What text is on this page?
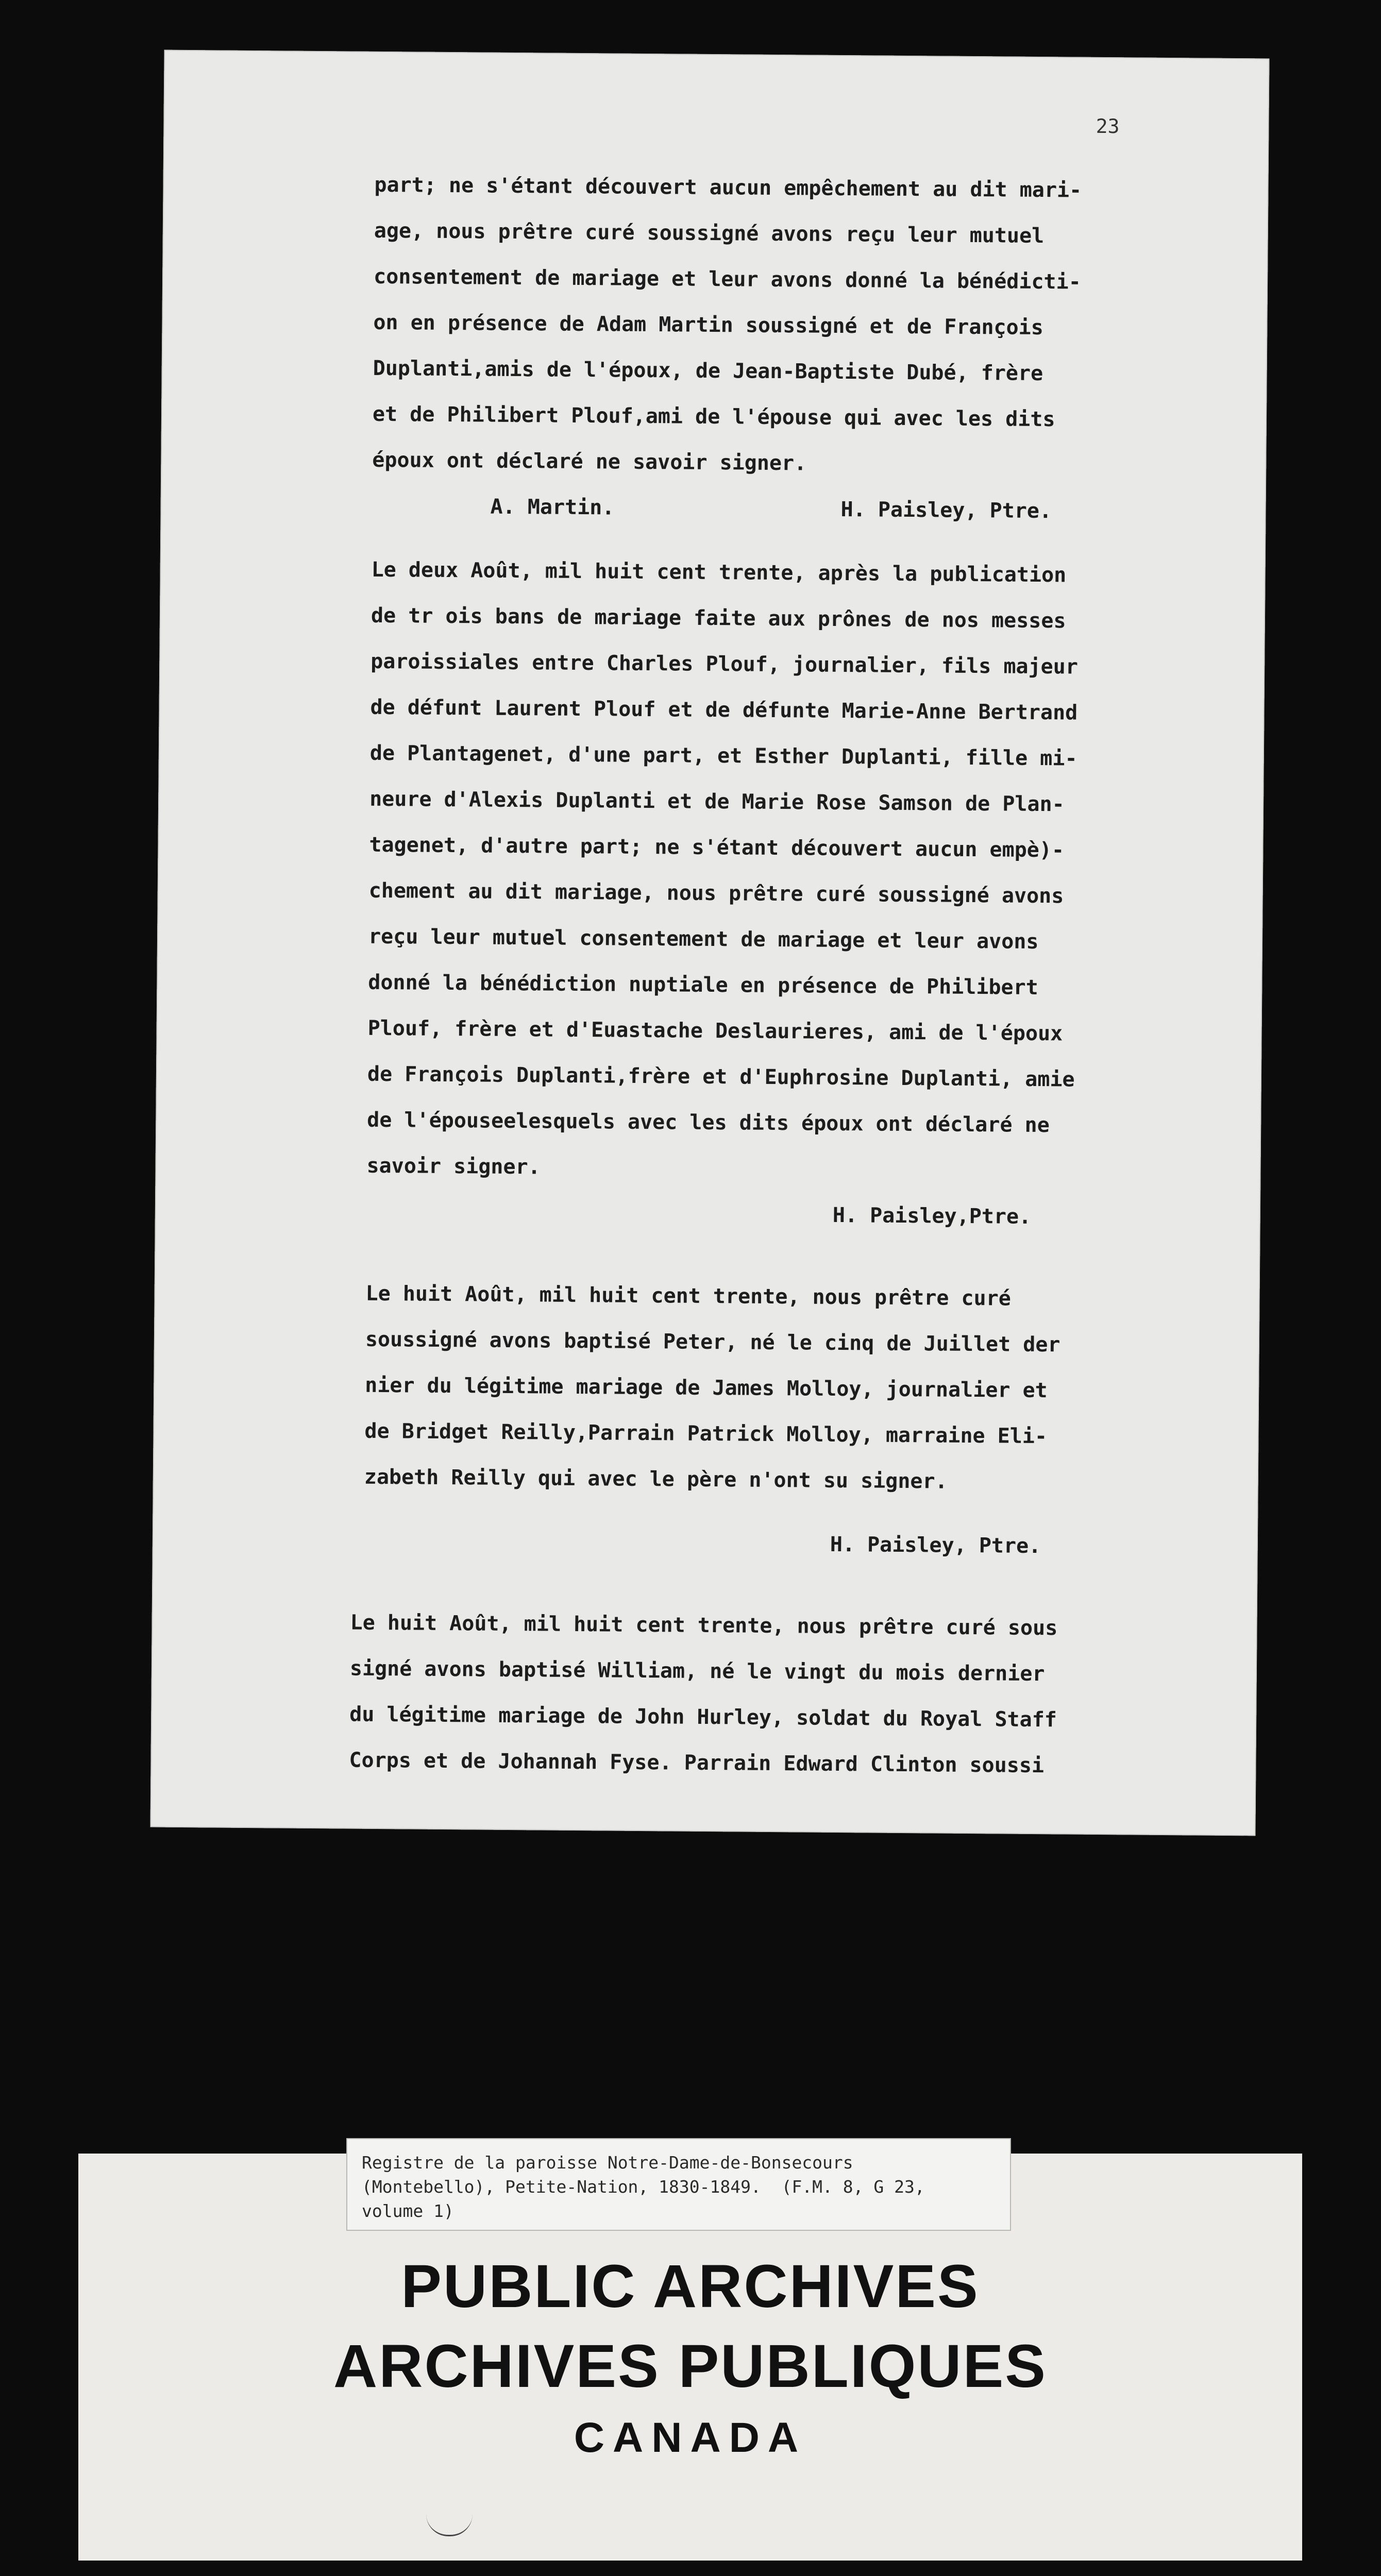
23
part; ne s'étant découvert aucun empêchement au dit mari-
age, nous prêtre curé soussigné avons reçu leur mutuel
consentement de mariage et leur avons donné la bénédicti-
on en présence de Adam Martin soussigné et de François
Duplanti,amis de l'époux, de Jean-Baptiste Dubé, frère
et de Philibert Plouf,ami de l'épouse qui avec les dits
époux ont déclaré ne savoir signer.
A. Martin.	H. Paisley, Ptre.
Le deux Août, mil huit cent trente, après la publication
de tr ois bans de mariage faite aux prônes de nos messes
paroissiales entre Charles Plouf, journalier, fils majeur
de défunt Laurent Plouf et de défunte Marie-Anne Bertrand
de Plantagenet, d'une part, et Esther Duplanti, fille mi-
neure d'Alexis Duplanti et de Marie Rose Samson de Plan-
tagenet, d'autre part; ne s'étant découvert aucun empè)-
chement au dit mariage, nous prêtre curé soussigné avons
reçu leur mutuel consentement de mariage et leur avons
donné la bénédiction nuptiale en présence de Philibert
Plouf, frère et d'Euastache Deslaurieres, ami de l'époux
de François Duplanti,frère et d'Euphrosine Duplanti, amie
de l'épouseelesquels avec les dits époux ont déclaré ne
savoir signer.
H. Paisley,Ptre.
Le huit Août, mil huit cent trente, nous prêtre curé
soussigné avons baptisé Peter, né le cinq de Juillet der
nier du légitime mariage de James Molloy, journalier et
de Bridget Reilly,Parrain Patrick Molloy, marraine Eli-
zabeth Reilly qui avec le père n'ont su signer.
H. Paisley, Ptre.
Le huit Août, mil huit cent trente, nous prêtre curé sous
signé avons baptisé William, né le vingt du mois dernier
du légitime mariage de John Hurley, soldat du Royal Staff
Corps et de Johannah Fyse. Parrain Edward Clinton soussi
Registre de la paroisse Notre-Dame-de-Bonsecours
(Montebello), Petite-Nation, 1830-1849.  (F.M. 8, G 23,
volume 1)
PUBLIC ARCHIVES
ARCHIVES PUBLIQUES
CANADA
